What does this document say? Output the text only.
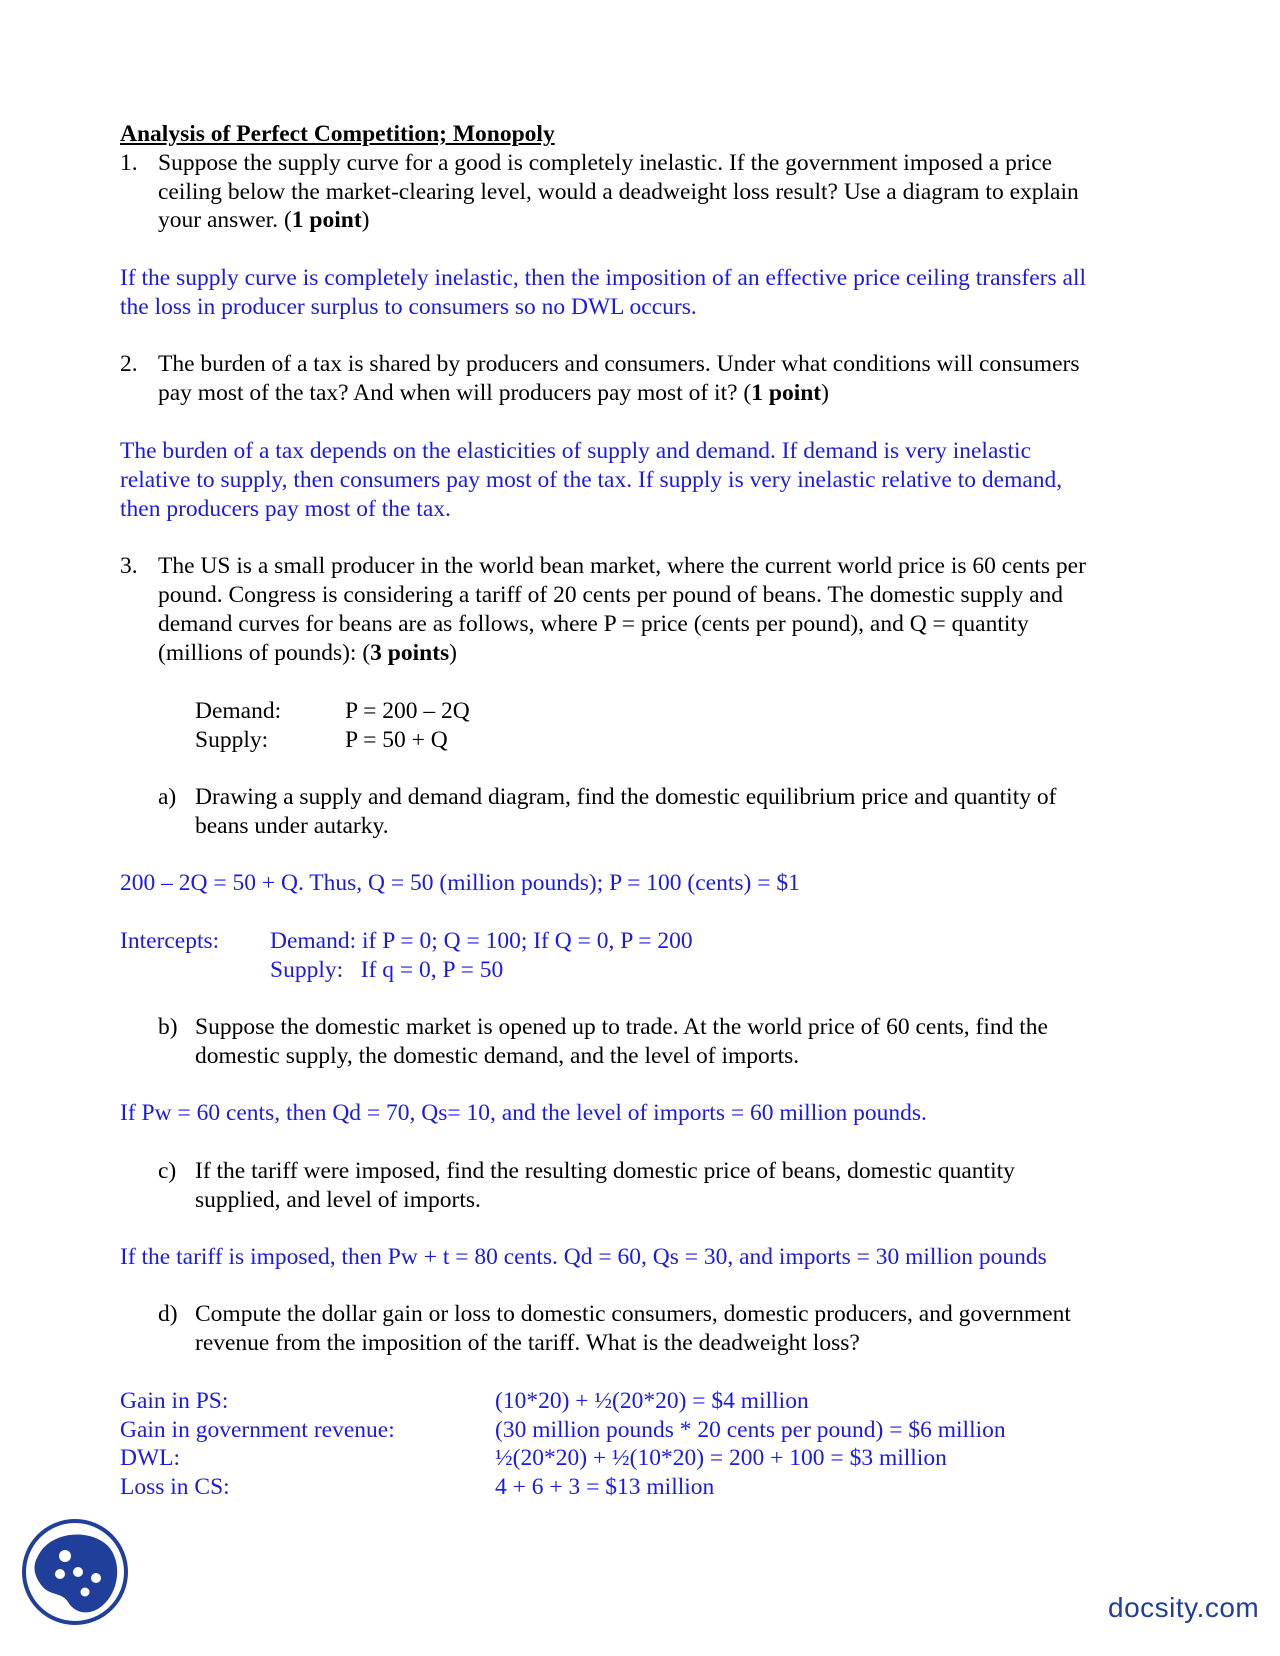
Analysis of Perfect Competition; Monopoly
1. Suppose the supply curve for a good is completely inelastic. If the government imposed a price
ceiling below the market-clearing level, would a deadweight loss result? Use a diagram to explain
your answer. (1 point)
If the supply curve is completely inelastic, then the imposition of an effective price ceiling transfers all
the loss in producer surplus to consumers so no DWL occurs.
2. The burden of a tax is shared by producers and consumers. Under what conditions will consumers
pay most of the tax? And when will producers pay most of it? (1 point)
The burden of a tax depends on the elasticities of supply and demand. If demand is very inelastic
relative to supply, then consumers pay most of the tax. If supply is very inelastic relative to demand,
then producers pay most of the tax.
3. The US is a small producer in the world bean market, where the current world price is 60 cents per
pound. Congress is considering a tariff of 20 cents per pound of beans. The domestic supply and
demand curves for beans are as follows, where P = price (cents per pound), and Q = quantity
(millions of pounds): (3 points)
Demand:	P = 200 – 2Q
Supply:	P = 50 + Q
a) Drawing a supply and demand diagram, find the domestic equilibrium price and quantity of
beans under autarky.
200 – 2Q = 50 + Q. Thus, Q = 50 (million pounds); P = 100 (cents) = $1
Intercepts: Demand: if P = 0; Q = 100; If Q = 0, P = 200
Supply:   If q = 0, P = 50
b) Suppose the domestic market is opened up to trade. At the world price of 60 cents, find the
domestic supply, the domestic demand, and the level of imports.
If Pw = 60 cents, then Qd = 70, Qs= 10, and the level of imports = 60 million pounds.
c) If the tariff were imposed, find the resulting domestic price of beans, domestic quantity
supplied, and level of imports.
If the tariff is imposed, then Pw + t = 80 cents. Qd = 60, Qs = 30, and imports = 30 million pounds
d) Compute the dollar gain or loss to domestic consumers, domestic producers, and government
revenue from the imposition of the tariff. What is the deadweight loss?
Gain in PS:	(10*20) + ½(20*20) = $4 million
Gain in government revenue:	(30 million pounds * 20 cents per pound) = $6 million
DWL:	½(20*20) + ½(10*20) = 200 + 100 = $3 million
Loss in CS:	4 + 6 + 3 = $13 million
docsity.com
